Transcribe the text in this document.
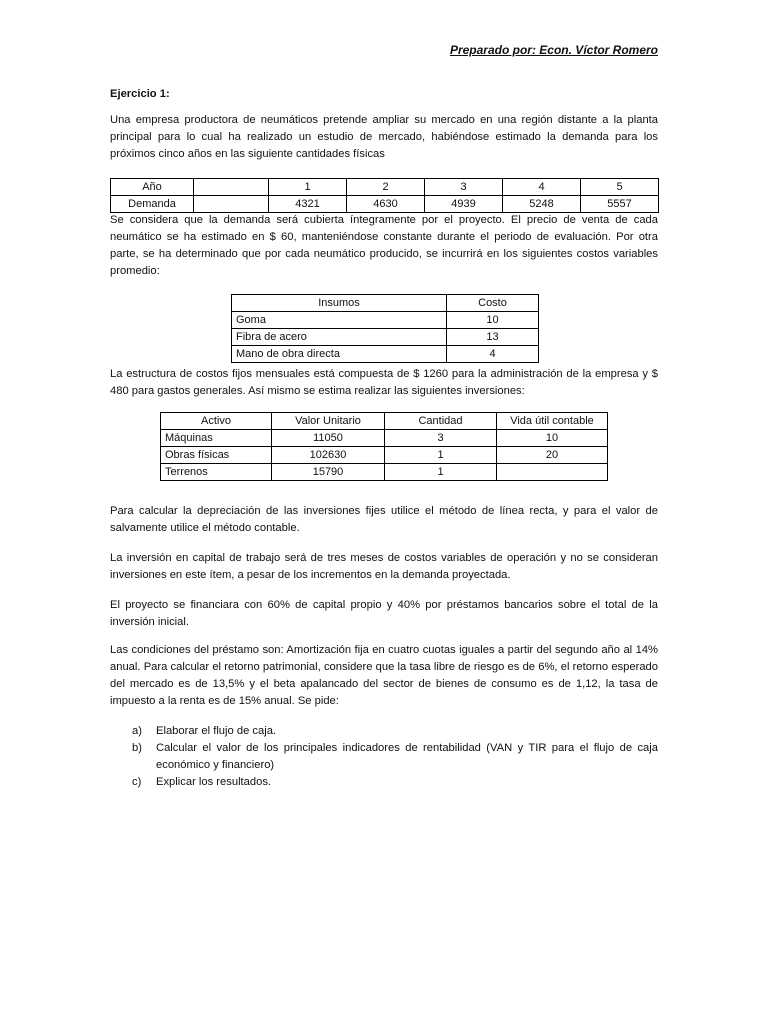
Preparado por: Econ. Víctor Romero
Ejercicio 1:

Una empresa productora de neumáticos pretende ampliar su mercado en una región distante a la planta principal para lo cual ha realizado un estudio de mercado, habiéndose estimado la demanda para los próximos cinco años en las siguiente cantidades físicas

Año		1	2	3	4	5
Demanda		4321	4630	4939	5248	5557

Se considera que la demanda será cubierta íntegramente por el proyecto. El precio de venta de cada neumático se ha estimado en $ 60, manteniéndose constante durante el periodo de evaluación. Por otra parte, se ha determinado que por cada neumático producido, se incurrirá en los siguientes costos variables promedio:

Insumos	Costo
Goma	10
Fibra de acero	13
Mano de obra directa	4

La estructura de costos fijos mensuales está compuesta de $ 1260 para la administración de la empresa y $ 480 para gastos generales. Así mismo se estima realizar las siguientes inversiones:

Activo	Valor Unitario	Cantidad	Vida útil contable
Máquinas	11050	3	10
Obras físicas	102630	1	20
Terrenos	15790	1	

Para calcular la depreciación de las inversiones fijes utilice el método de línea recta, y para el valor de salvamente utilice el método contable.

La inversión en capital de trabajo será de tres meses de costos variables de operación y no se consideran inversiones en este ítem, a pesar de los incrementos en la demanda proyectada.

El proyecto se financiara con 60% de capital propio y 40% por préstamos bancarios sobre el total de la inversión inicial.

Las condiciones del préstamo son: Amortización fija en cuatro cuotas iguales a partir del segundo año al 14% anual. Para calcular el retorno patrimonial, considere que la tasa libre de riesgo es de 6%, el retorno esperado del mercado es de 13,5% y el beta apalancado del sector de bienes de consumo es de 1,12, la tasa de impuesto a la renta es de 15% anual. Se pide:

a) Elaborar el flujo de caja.
b) Calcular el valor de los principales indicadores de rentabilidad (VAN y TIR para el flujo de caja económico y financiero)
c) Explicar los resultados.
